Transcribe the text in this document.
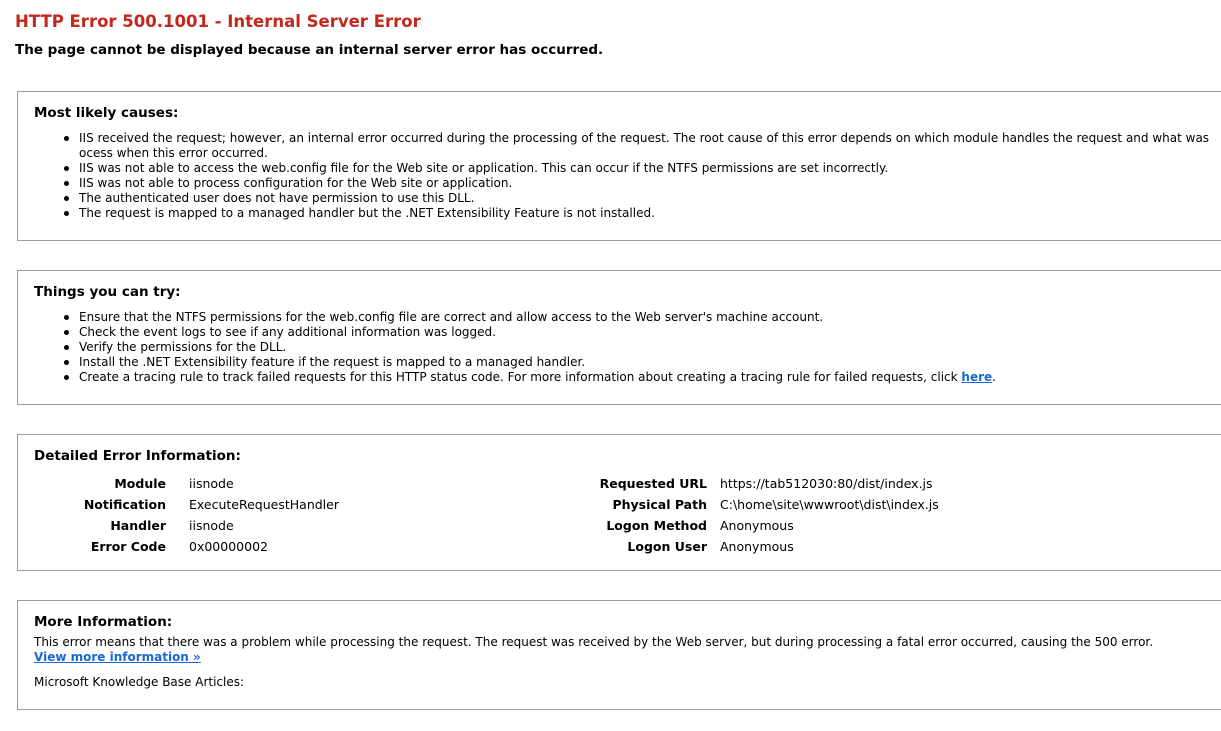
HTTP Error 500.1001 - Internal Server Error
The page cannot be displayed because an internal server error has occurred.
Most likely causes:
IIS received the request; however, an internal error occurred during the processing of the request. The root cause of this error depends on which module handles the request and what was
ocess when this error occurred.
IIS was not able to access the web.config file for the Web site or application. This can occur if the NTFS permissions are set incorrectly.
IIS was not able to process configuration for the Web site or application.
The authenticated user does not have permission to use this DLL.
The request is mapped to a managed handler but the .NET Extensibility Feature is not installed.
Things you can try:
Ensure that the NTFS permissions for the web.config file are correct and allow access to the Web server's machine account.
Check the event logs to see if any additional information was logged.
Verify the permissions for the DLL.
Install the .NET Extensibility feature if the request is mapped to a managed handler.
Create a tracing rule to track failed requests for this HTTP status code. For more information about creating a tracing rule for failed requests, click here.
Detailed Error Information:
Module iisnode
Notification ExecuteRequestHandler
Handler iisnode
Error Code 0x00000002
Requested URL https://tab512030:80/dist/index.js
Physical Path C:\home\site\wwwroot\dist\index.js
Logon Method Anonymous
Logon User Anonymous
More Information:
This error means that there was a problem while processing the request. The request was received by the Web server, but during processing a fatal error occurred, causing the 500 error.
View more information »
Microsoft Knowledge Base Articles:
